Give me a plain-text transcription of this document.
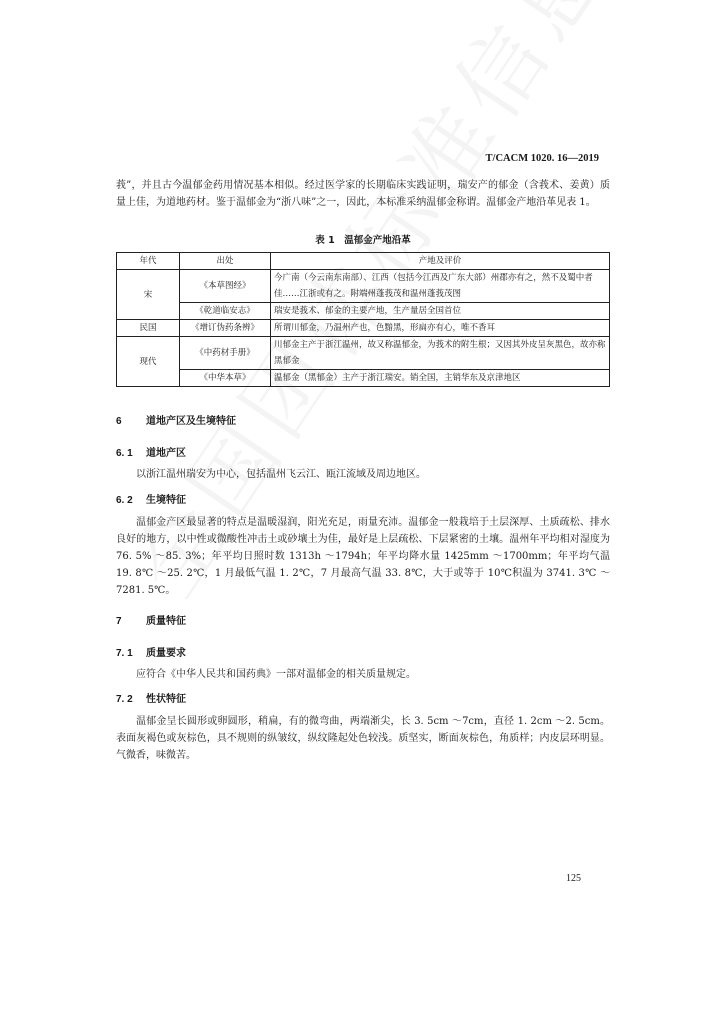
T/CACM 1020. 16—2019

莪”，并且古今温郁金药用情况基本相似。经过医学家的长期临床实践证明，瑞安产的郁金（含莪术、姜黄）质量上佳，为道地药材。鉴于温郁金为“浙八味”之一，因此，本标准采纳温郁金称谓。温郁金产地沿革见表 1。

表 1　温郁金产地沿革
年代	出处	产地及评价
宋	《本草图经》	今广南（今云南东南部）、江西（包括今江西及广东大部）州郡亦有之，然不及蜀中者佳……江浙或有之。附端州蓬莪茂和温州蓬莪茂图
	《乾道临安志》	瑞安是莪术、郁金的主要产地，生产量居全国首位
民国	《增订伪药条辨》	所谓川郁金，乃温州产也，色黯黑，形扁亦有心，唯不香耳
现代	《中药材手册》	川郁金主产于浙江温州，故又称温郁金，为莪术的附生根；又因其外皮呈灰黑色，故亦称黑郁金
	《中华本草》	温郁金（黑郁金）主产于浙江瑞安。销全国，主销华东及京津地区
6 道地产区及生境特征
6. 1 道地产区

以浙江温州瑞安为中心，包括温州飞云江、瓯江流域及周边地区。

6. 2 生境特征

温郁金产区最显著的特点是温暖湿润，阳光充足，雨量充沛。温郁金一般栽培于土层深厚、土质疏松、排水良好的地方，以中性或微酸性冲击土或砂壤土为佳，最好是上层疏松、下层紧密的土壤。温州年平均相对湿度为 76. 5% ～85. 3%；年平均日照时数 1313h ～1794h；年平均降水量 1425mm ～1700mm；年平均气温 19. 8℃ ～25. 2℃，1 月最低气温 1. 2℃，7 月最高气温 33. 8℃，大于或等于 10℃积温为 3741. 3℃ ～7281. 5℃。

7 质量特征
7. 1 质量要求

应符合《中华人民共和国药典》一部对温郁金的相关质量规定。

7. 2 性状特征

温郁金呈长圆形或卵圆形，稍扁，有的微弯曲，两端渐尖，长 3. 5cm ～7cm，直径 1. 2cm ～2. 5cm。表面灰褐色或灰棕色，具不规则的纵皱纹，纵纹隆起处色较浅。质坚实，断面灰棕色，角质样；内皮层环明显。气微香，味微苦。

125
